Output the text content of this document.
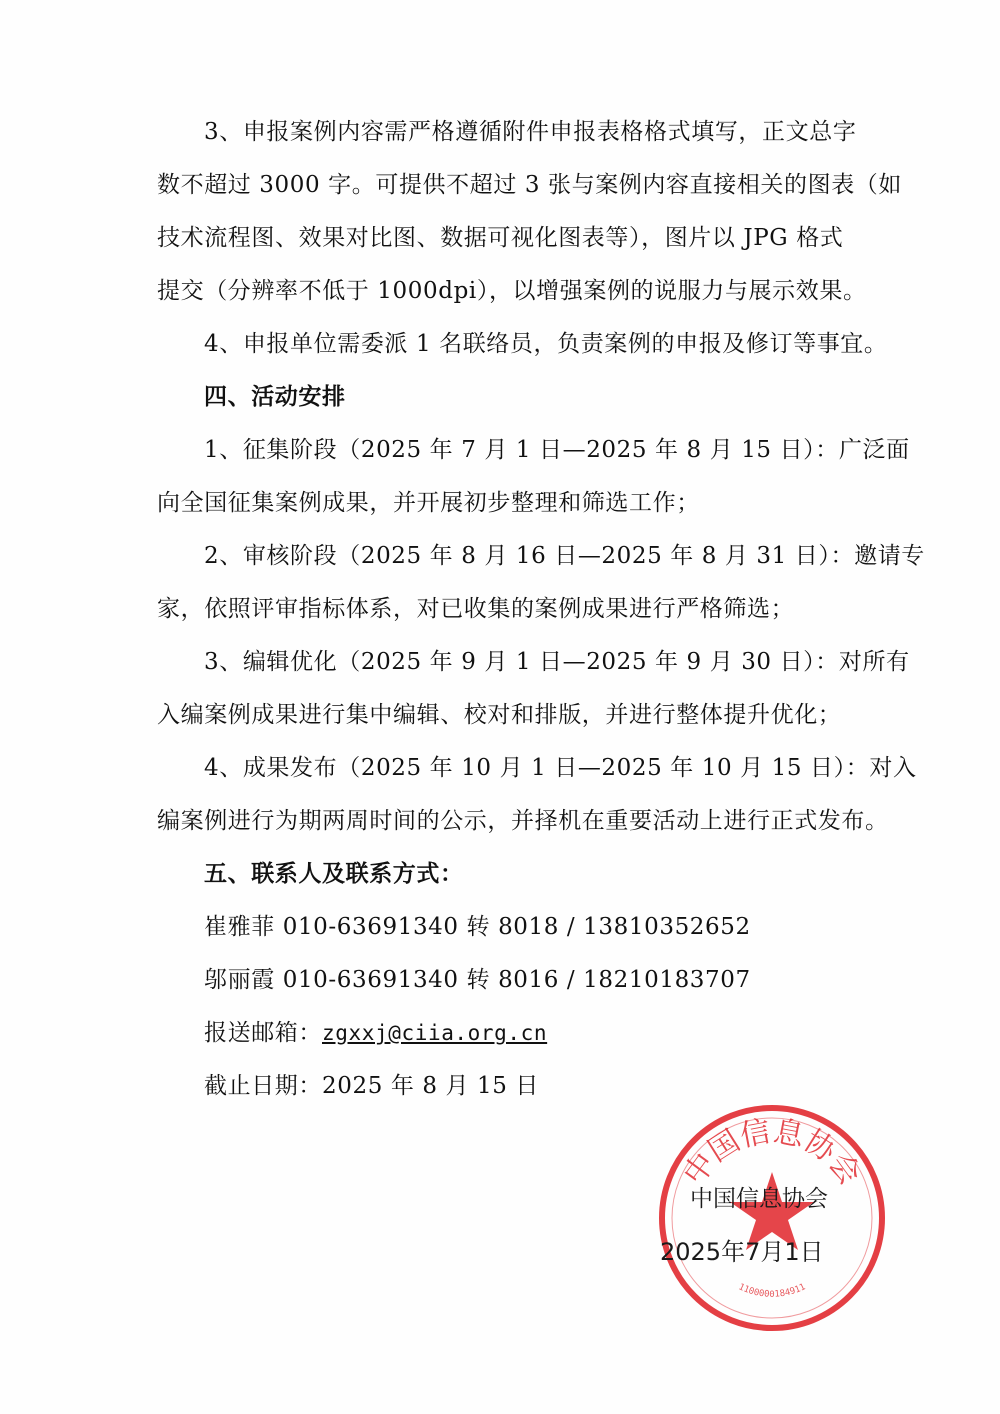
3、申报案例内容需严格遵循附件申报表格格式填写，正文总字
数不超过 3000 字。可提供不超过 3 张与案例内容直接相关的图表（如
技术流程图、效果对比图、数据可视化图表等），图片以 JPG 格式
提交（分辨率不低于 1000dpi），以增强案例的说服力与展示效果。
4、申报单位需委派 1 名联络员，负责案例的申报及修订等事宜。
四、活动安排
1、征集阶段（2025 年 7 月 1 日—2025 年 8 月 15 日）：广泛面
向全国征集案例成果，并开展初步整理和筛选工作；
2、审核阶段（2025 年 8 月 16 日—2025 年 8 月 31 日）：邀请专
家，依照评审指标体系，对已收集的案例成果进行严格筛选；
3、编辑优化（2025 年 9 月 1 日—2025 年 9 月 30 日）：对所有
入编案例成果进行集中编辑、校对和排版，并进行整体提升优化；
4、成果发布（2025 年 10 月 1 日—2025 年 10 月 15 日）：对入
编案例进行为期两周时间的公示，并择机在重要活动上进行正式发布。
五、联系人及联系方式：
崔雅菲 010-63691340 转 8018 / 13810352652
邬丽霞 010-63691340 转 8016 / 18210183707
报送邮箱：zgxxj@ciia.org.cn
截止日期：2025 年 8 月 15 日
中国信息协会
1100000184911
中国信息协会
2025年7月1日
